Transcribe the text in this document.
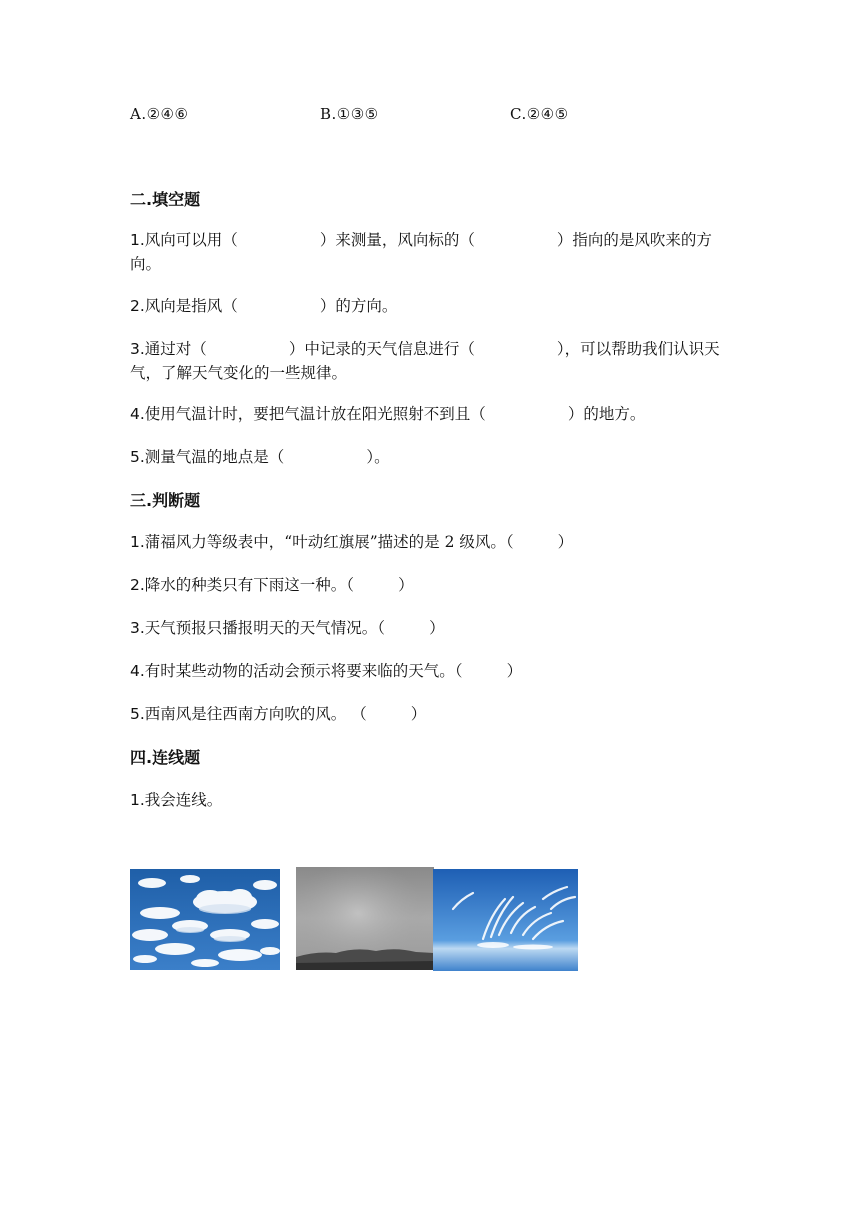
A.②④⑥	B.①③⑤	C.②④⑤
二.填空题
1.风向可以用（	）来测量，风向标的（	）指向的是风吹来的方向。
2.风向是指风（	）的方向。
3.通过对（	）中记录的天气信息进行（	），可以帮助我们认识天气，了解天气变化的一些规律。
4.使用气温计时，要把气温计放在阳光照射不到且（	）的地方。
5.测量气温的地点是（	）。
三.判断题
1.蒲福风力等级表中，“叶动红旗展”描述的是 2 级风。（	）
2.降水的种类只有下雨这一种。（	）
3.天气预报只播报明天的天气情况。（	）
4.有时某些动物的活动会预示将要来临的天气。（	）
5.西南风是往西南方向吹的风。 （	）
四.连线题
1.我会连线。
